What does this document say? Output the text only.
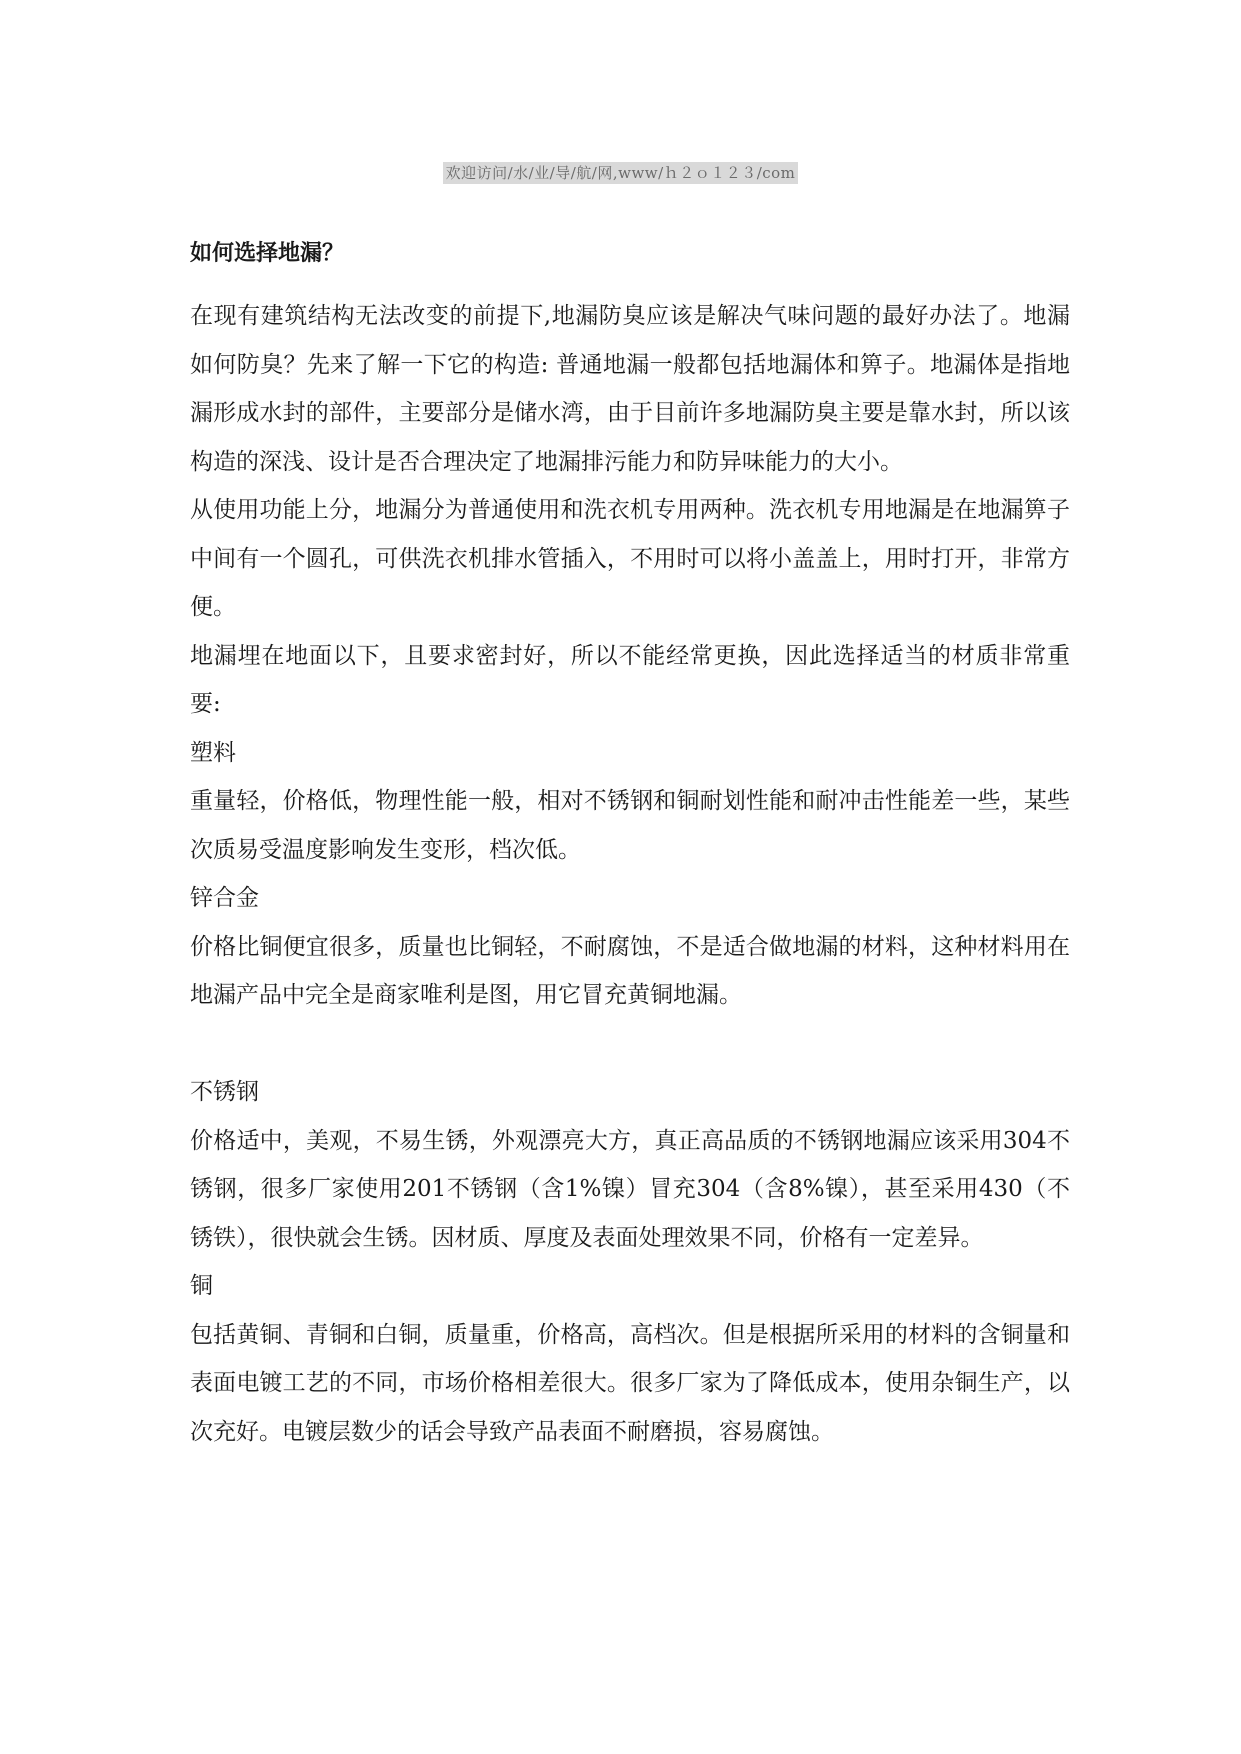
欢迎访问/水/业/导/航/网,www/ｈ２ｏ１２３/com
如何选择地漏？

在现有建筑结构无法改变的前提下,地漏防臭应该是解决气味问题的最好办法了。地漏如何防臭？先来了解一下它的构造: 普通地漏一般都包括地漏体和箅子。地漏体是指地漏形成水封的部件，主要部分是储水湾，由于目前许多地漏防臭主要是靠水封，所以该构造的深浅、设计是否合理决定了地漏排污能力和防异味能力的大小。

从使用功能上分，地漏分为普通使用和洗衣机专用两种。洗衣机专用地漏是在地漏箅子中间有一个圆孔，可供洗衣机排水管插入，不用时可以将小盖盖上，用时打开，非常方便。

地漏埋在地面以下，且要求密封好，所以不能经常更换，因此选择适当的材质非常重要:

塑料

重量轻，价格低，物理性能一般，相对不锈钢和铜耐划性能和耐冲击性能差一些，某些次质易受温度影响发生变形，档次低。

锌合金

价格比铜便宜很多，质量也比铜轻，不耐腐蚀，不是适合做地漏的材料，这种材料用在地漏产品中完全是商家唯利是图，用它冒充黄铜地漏。

不锈钢

价格适中，美观，不易生锈，外观漂亮大方，真正高品质的不锈钢地漏应该采用304不锈钢，很多厂家使用201不锈钢（含1%镍）冒充304（含8%镍），甚至采用430（不锈铁），很快就会生锈。因材质、厚度及表面处理效果不同，价格有一定差异。

铜

包括黄铜、青铜和白铜，质量重，价格高，高档次。但是根据所采用的材料的含铜量和表面电镀工艺的不同，市场价格相差很大。很多厂家为了降低成本，使用杂铜生产，以次充好。电镀层数少的话会导致产品表面不耐磨损，容易腐蚀。
